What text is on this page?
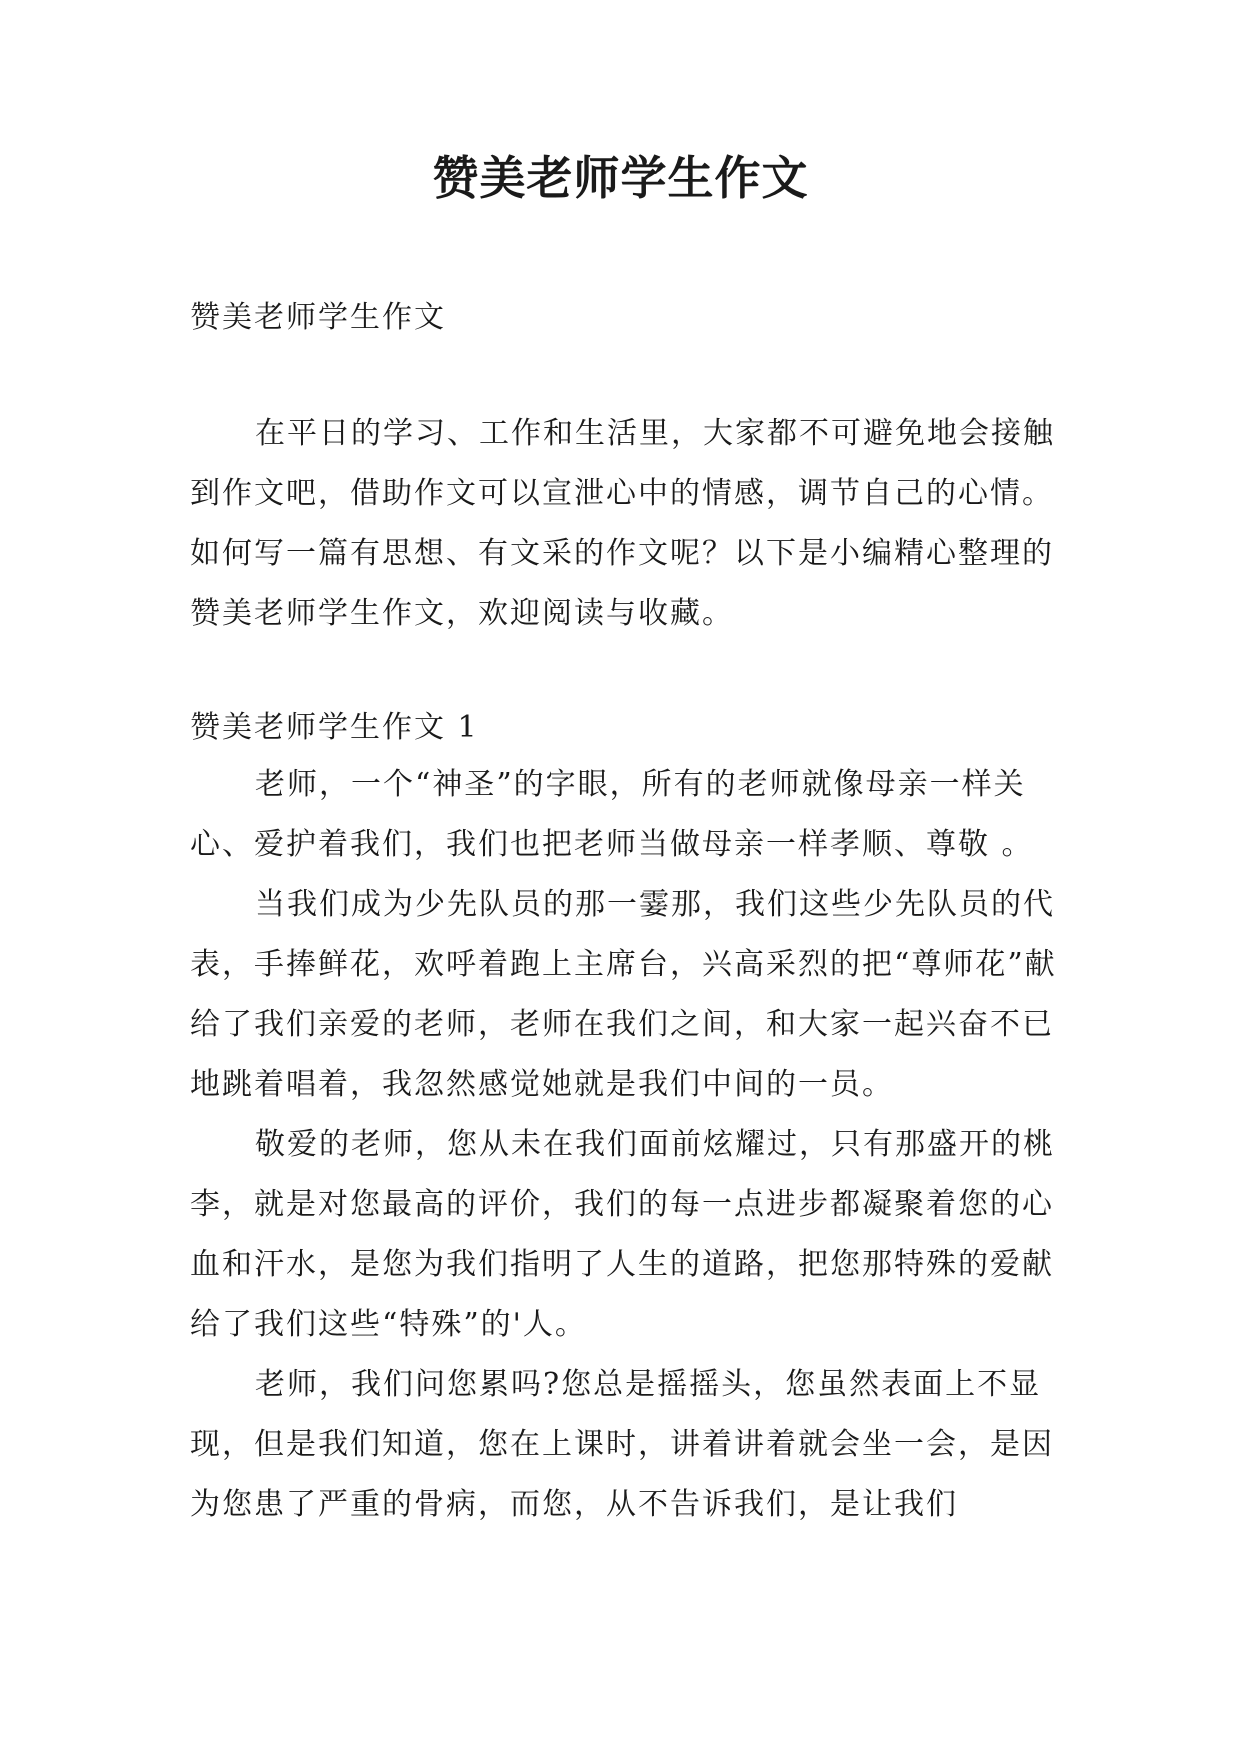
赞美老师学生作文

赞美老师学生作文

在平日的学习、工作和生活里，大家都不可避免地会接触到作文吧，借助作文可以宣泄心中的情感，调节自己的心情。如何写一篇有思想、有文采的作文呢？以下是小编精心整理的赞美老师学生作文，欢迎阅读与收藏。

赞美老师学生作文 1

老师，一个“神圣”的字眼，所有的老师就像母亲一样关心、爱护着我们，我们也把老师当做母亲一样孝顺、尊敬 。

当我们成为少先队员的那一霎那，我们这些少先队员的代表，手捧鲜花，欢呼着跑上主席台，兴高采烈的把“尊师花”献给了我们亲爱的老师，老师在我们之间，和大家一起兴奋不已地跳着唱着，我忽然感觉她就是我们中间的一员。

敬爱的老师，您从未在我们面前炫耀过，只有那盛开的桃李，就是对您最高的评价，我们的每一点进步都凝聚着您的心血和汗水，是您为我们指明了人生的道路，把您那特殊的爱献给了我们这些“特殊”的'人。

老师，我们问您累吗?您总是摇摇头，您虽然表面上不显现，但是我们知道，您在上课时，讲着讲着就会坐一会，是因为您患了严重的骨病，而您，从不告诉我们，是让我们
